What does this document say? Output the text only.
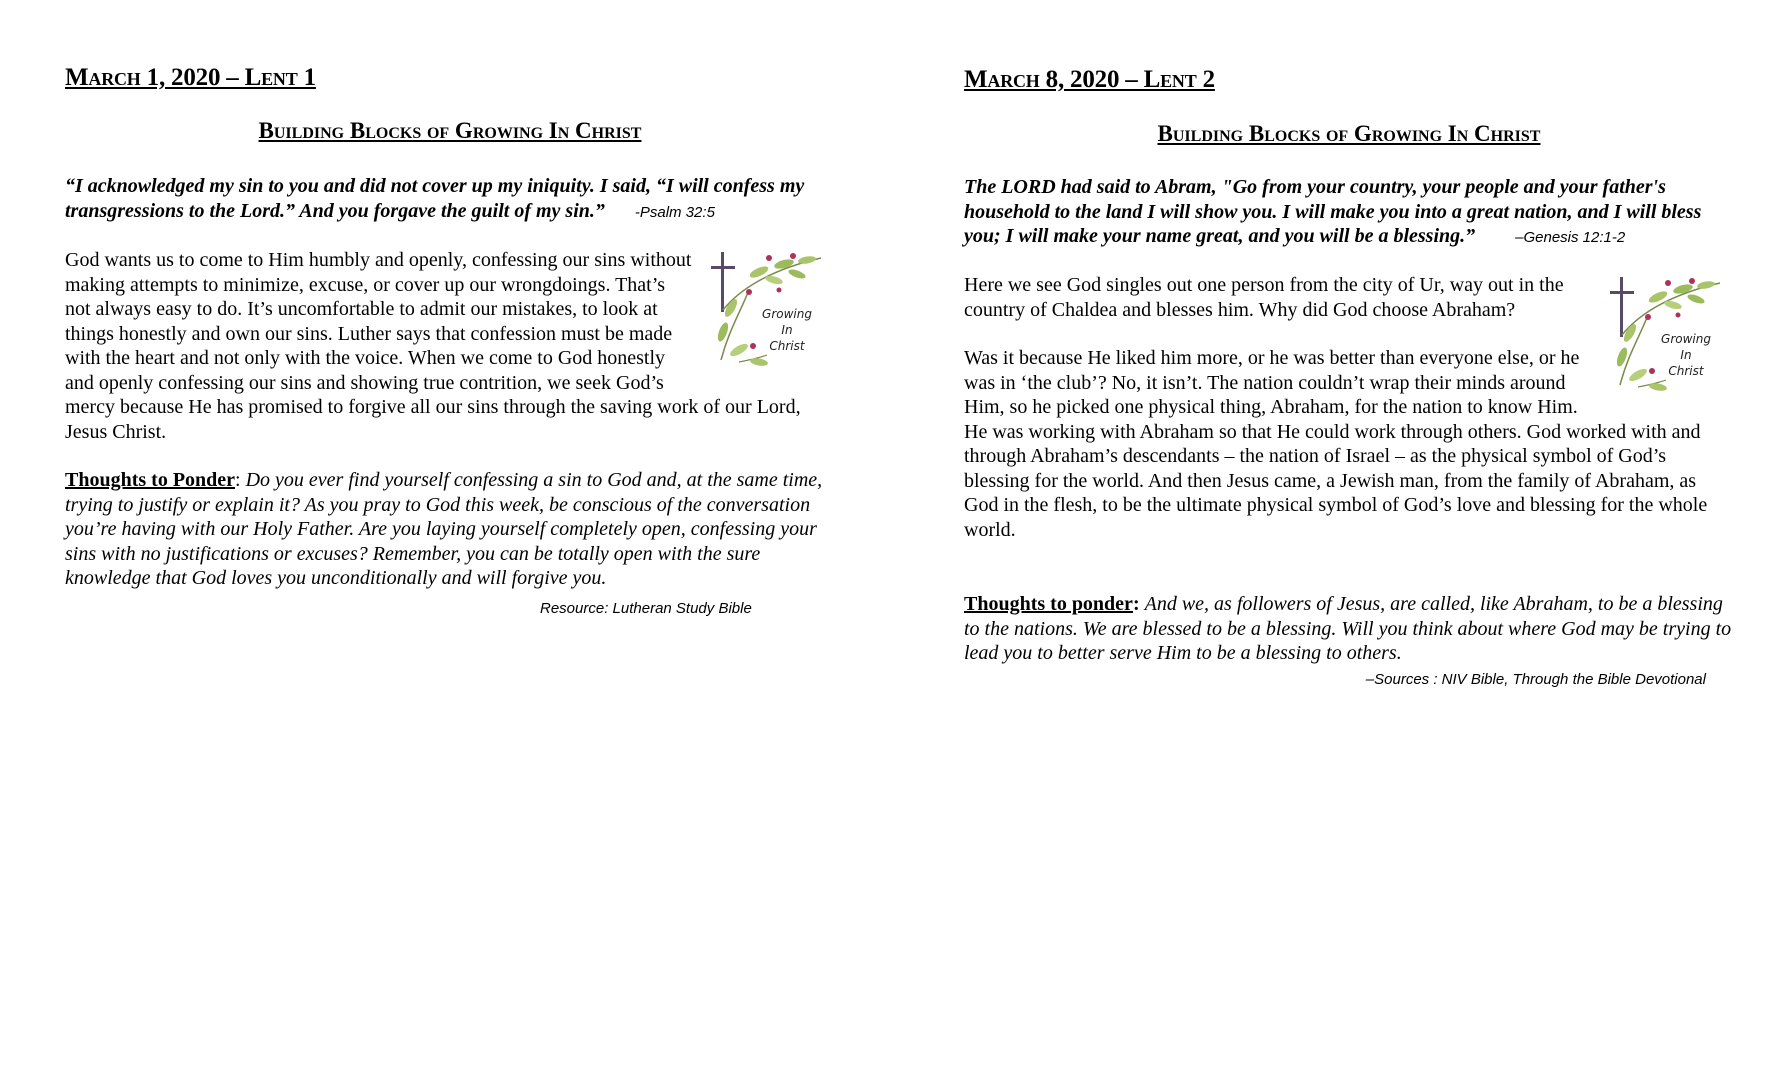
March 1, 2020 – Lent 1
Building Blocks of Growing In Christ
“I acknowledged my sin to you and did not cover up my iniquity. I said, “I will confess my transgressions to the Lord.” And you forgave the guilt of my sin.” -Psalm 32:5
Growing
In
Christ

God wants us to come to Him humbly and openly, confessing our sins without making attempts to minimize, excuse, or cover up our wrongdoings. That’s not always easy to do. It’s uncomfortable to admit our mistakes, to look at things honestly and own our sins. Luther says that confession must be made with the heart and not only with the voice. When we come to God honestly and openly confessing our sins and showing true contrition, we seek God’s mercy because He has promised to forgive all our sins through the saving work of our Lord, Jesus Christ.

Thoughts to Ponder: Do you ever find yourself confessing a sin to God and, at the same time, trying to justify or explain it? As you pray to God this week, be conscious of the conversation you’re having with our Holy Father. Are you laying yourself completely open, confessing your sins with no justifications or excuses? Remember, you can be totally open with the sure knowledge that God loves you unconditionally and will forgive you.
Resource: Lutheran Study Bible
March 8, 2020 – Lent 2
Building Blocks of Growing In Christ
The LORD had said to Abram, "Go from your country, your people and your father's household to the land I will show you. I will make you into a great nation, and I will bless you; I will make your name great, and you will be a blessing.”	–Genesis 12:1-2
Growing
In
Christ

Here we see God singles out one person from the city of Ur, way out in the country of Chaldea and blesses him. Why did God choose Abraham?

Was it because He liked him more, or he was better than everyone else, or he was in ‘the club’? No, it isn’t. The nation couldn’t wrap their minds around Him, so he picked one physical thing, Abraham, for the nation to know Him. He was working with Abraham so that He could work through others. God worked with and through Abraham’s descendants – the nation of Israel – as the physical symbol of God’s blessing for the world. And then Jesus came, a Jewish man, from the family of Abraham, as God in the flesh, to be the ultimate physical symbol of God’s love and blessing for the whole world.

Thoughts to ponder: And we, as followers of Jesus, are called, like Abraham, to be a blessing to the nations. We are blessed to be a blessing. Will you think about where God may be trying to lead you to better serve Him to be a blessing to others.
–Sources : NIV Bible, Through the Bible Devotional
